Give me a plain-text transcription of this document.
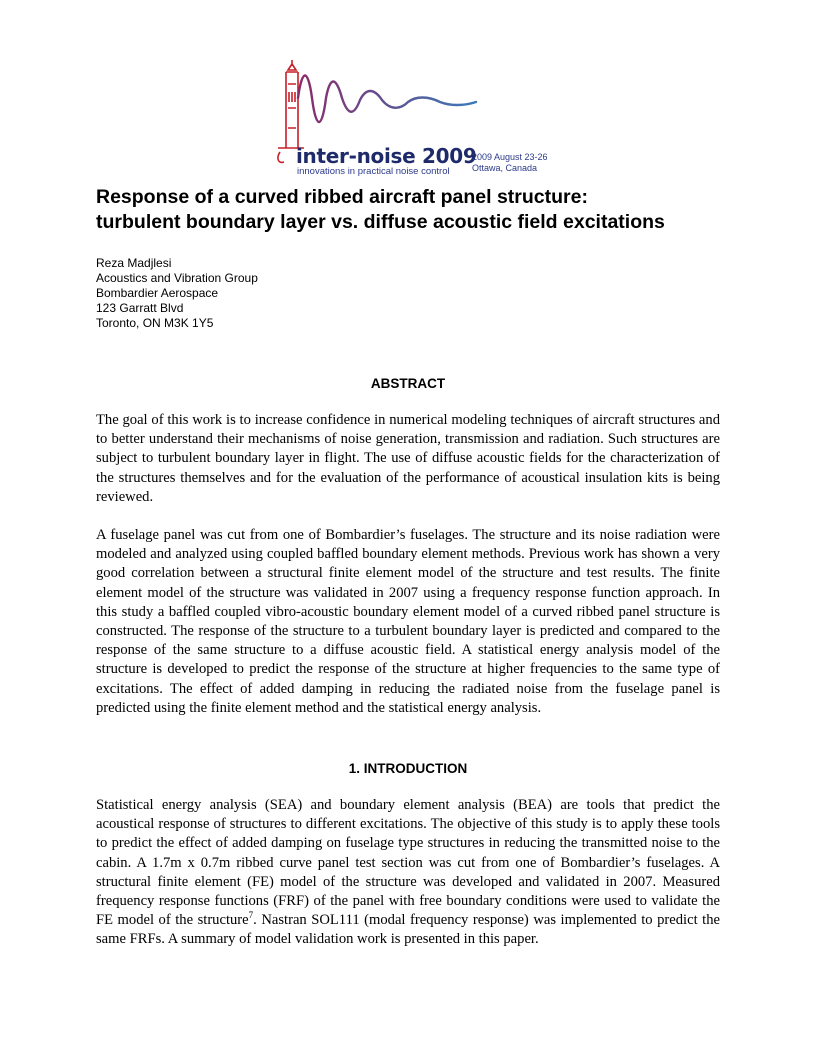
inter-noise 2009
innovations in practical noise control
2009 August 23-26
Ottawa, Canada
Response of a curved ribbed aircraft panel structure:
turbulent boundary layer vs. diffuse acoustic field excitations
Reza Madjlesi
Acoustics and Vibration Group
Bombardier Aerospace
123 Garratt Blvd
Toronto, ON M3K 1Y5
ABSTRACT

The goal of this work is to increase confidence in numerical modeling techniques of aircraft structures and to better understand their mechanisms of noise generation, transmission and radiation. Such structures are subject to turbulent boundary layer in flight. The use of diffuse acoustic fields for the characterization of the structures themselves and for the evaluation of the performance of acoustical insulation kits is being reviewed.

A fuselage panel was cut from one of Bombardier’s fuselages. The structure and its noise radiation were modeled and analyzed using coupled baffled boundary element methods. Previous work has shown a very good correlation between a structural finite element model of the structure and test results. The finite element model of the structure was validated in 2007 using a frequency response function approach. In this study a baffled coupled vibro-acoustic boundary element model of a curved ribbed panel structure is constructed. The response of the structure to a turbulent boundary layer is predicted and compared to the response of the same structure to a diffuse acoustic field. A statistical energy analysis model of the structure is developed to predict the response of the structure at higher frequencies to the same type of excitations. The effect of added damping in reducing the radiated noise from the fuselage panel is predicted using the finite element method and the statistical energy analysis.

1. INTRODUCTION

Statistical energy analysis (SEA) and boundary element analysis (BEA) are tools that predict the acoustical response of structures to different excitations. The objective of this study is to apply these tools to predict the effect of added damping on fuselage type structures in reducing the transmitted noise to the cabin. A 1.7m x 0.7m ribbed curve panel test section was cut from one of Bombardier’s fuselages. A structural finite element (FE) model of the structure was developed and validated in 2007. Measured frequency response functions (FRF) of the panel with free boundary conditions were used to validate the FE model of the structure$^7$. Nastran SOL111 (modal frequency response) was implemented to predict the same FRFs. A summary of model validation work is presented in this paper.
